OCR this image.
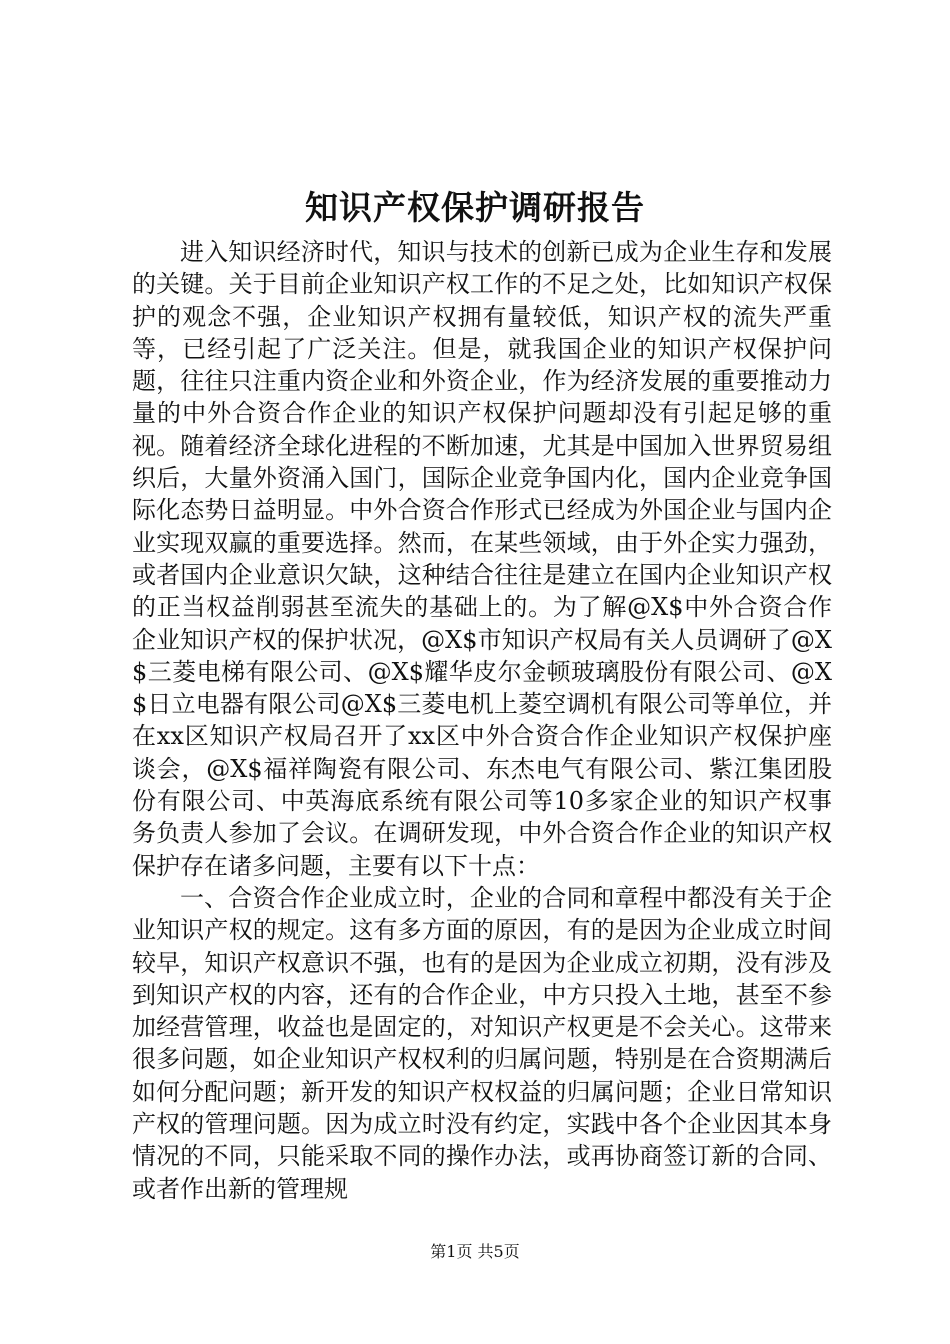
知识产权保护调研报告

进入知识经济时代，知识与技术的创新已成为企业生存和发展的关键。关于目前企业知识产权工作的不足之处，比如知识产权保护的观念不强，企业知识产权拥有量较低，知识产权的流失严重等，已经引起了广泛关注。但是，就我国企业的知识产权保护问题，往往只注重内资企业和外资企业，作为经济发展的重要推动力量的中外合资合作企业的知识产权保护问题却没有引起足够的重视。随着经济全球化进程的不断加速，尤其是中国加入世界贸易组织后，大量外资涌入国门，国际企业竞争国内化，国内企业竞争国际化态势日益明显。中外合资合作形式已经成为外国企业与国内企业实现双赢的重要选择。然而，在某些领域，由于外企实力强劲，或者国内企业意识欠缺，这种结合往往是建立在国内企业知识产权的正当权益削弱甚至流失的基础上的。为了解@X$中外合资合作企业知识产权的保护状况，@X$市知识产权局有关人员调研了@X$三菱电梯有限公司、@X$耀华皮尔金顿玻璃股份有限公司、@X$日立电器有限公司@X$三菱电机上菱空调机有限公司等单位，并在xx区知识产权局召开了xx区中外合资合作企业知识产权保护座谈会，@X$福祥陶瓷有限公司、东杰电气有限公司、紫江集团股份有限公司、中英海底系统有限公司等10多家企业的知识产权事务负责人参加了会议。在调研发现，中外合资合作企业的知识产权保护存在诸多问题，主要有以下十点：

一、合资合作企业成立时，企业的合同和章程中都没有关于企业知识产权的规定。这有多方面的原因，有的是因为企业成立时间较早，知识产权意识不强，也有的是因为企业成立初期，没有涉及到知识产权的内容，还有的合作企业，中方只投入土地，甚至不参加经营管理，收益也是固定的，对知识产权更是不会关心。这带来很多问题，如企业知识产权权利的归属问题，特别是在合资期满后如何分配问题；新开发的知识产权权益的归属问题；企业日常知识产权的管理问题。因为成立时没有约定，实践中各个企业因其本身情况的不同，只能采取不同的操作办法，或再协商签订新的合同、或者作出新的管理规

第1页 共5页
